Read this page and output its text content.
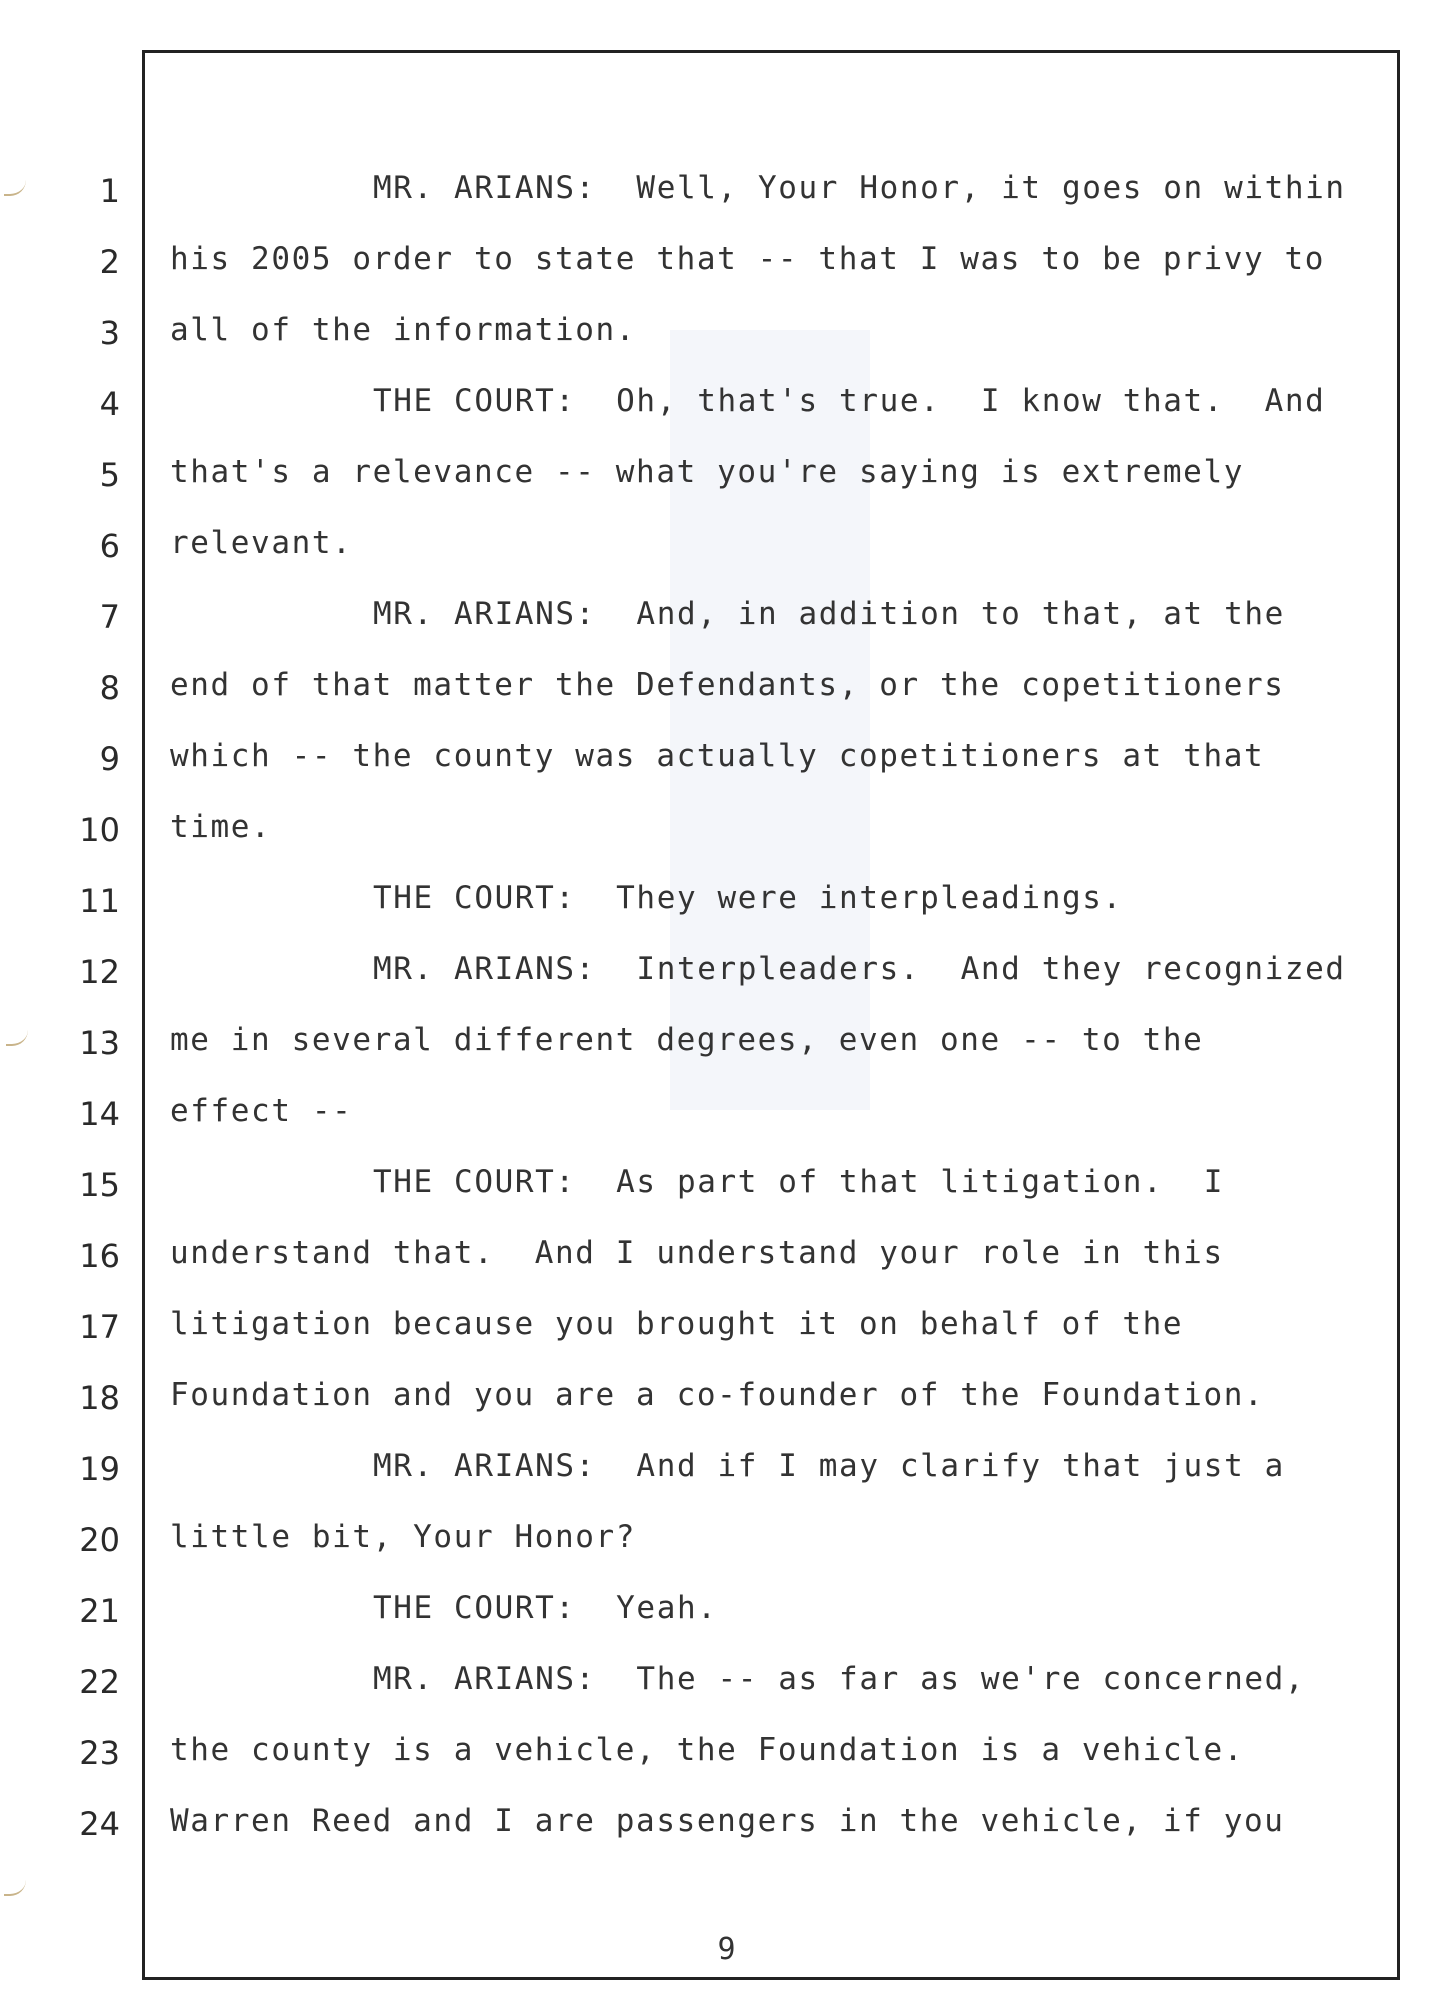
1	MR. ARIANS:  Well, Your Honor, it goes on within
2 his 2005 order to state that -- that I was to be privy to
3 all of the information.
4	THE COURT:  Oh, that's true.  I know that.  And
5 that's a relevance -- what you're saying is extremely
6 relevant.
7	MR. ARIANS:  And, in addition to that, at the
8 end of that matter the Defendants, or the copetitioners
9 which -- the county was actually copetitioners at that
10 time.
11	THE COURT:  They were interpleadings.
12	MR. ARIANS:  Interpleaders.  And they recognized
13 me in several different degrees, even one -- to the
14 effect --
15	THE COURT:  As part of that litigation.  I
16 understand that.  And I understand your role in this
17 litigation because you brought it on behalf of the
18 Foundation and you are a co-founder of the Foundation.
19	MR. ARIANS:  And if I may clarify that just a
20 little bit, Your Honor?
21	THE COURT:  Yeah.
22	MR. ARIANS:  The -- as far as we're concerned,
23 the county is a vehicle, the Foundation is a vehicle.
24 Warren Reed and I are passengers in the vehicle, if you
9
